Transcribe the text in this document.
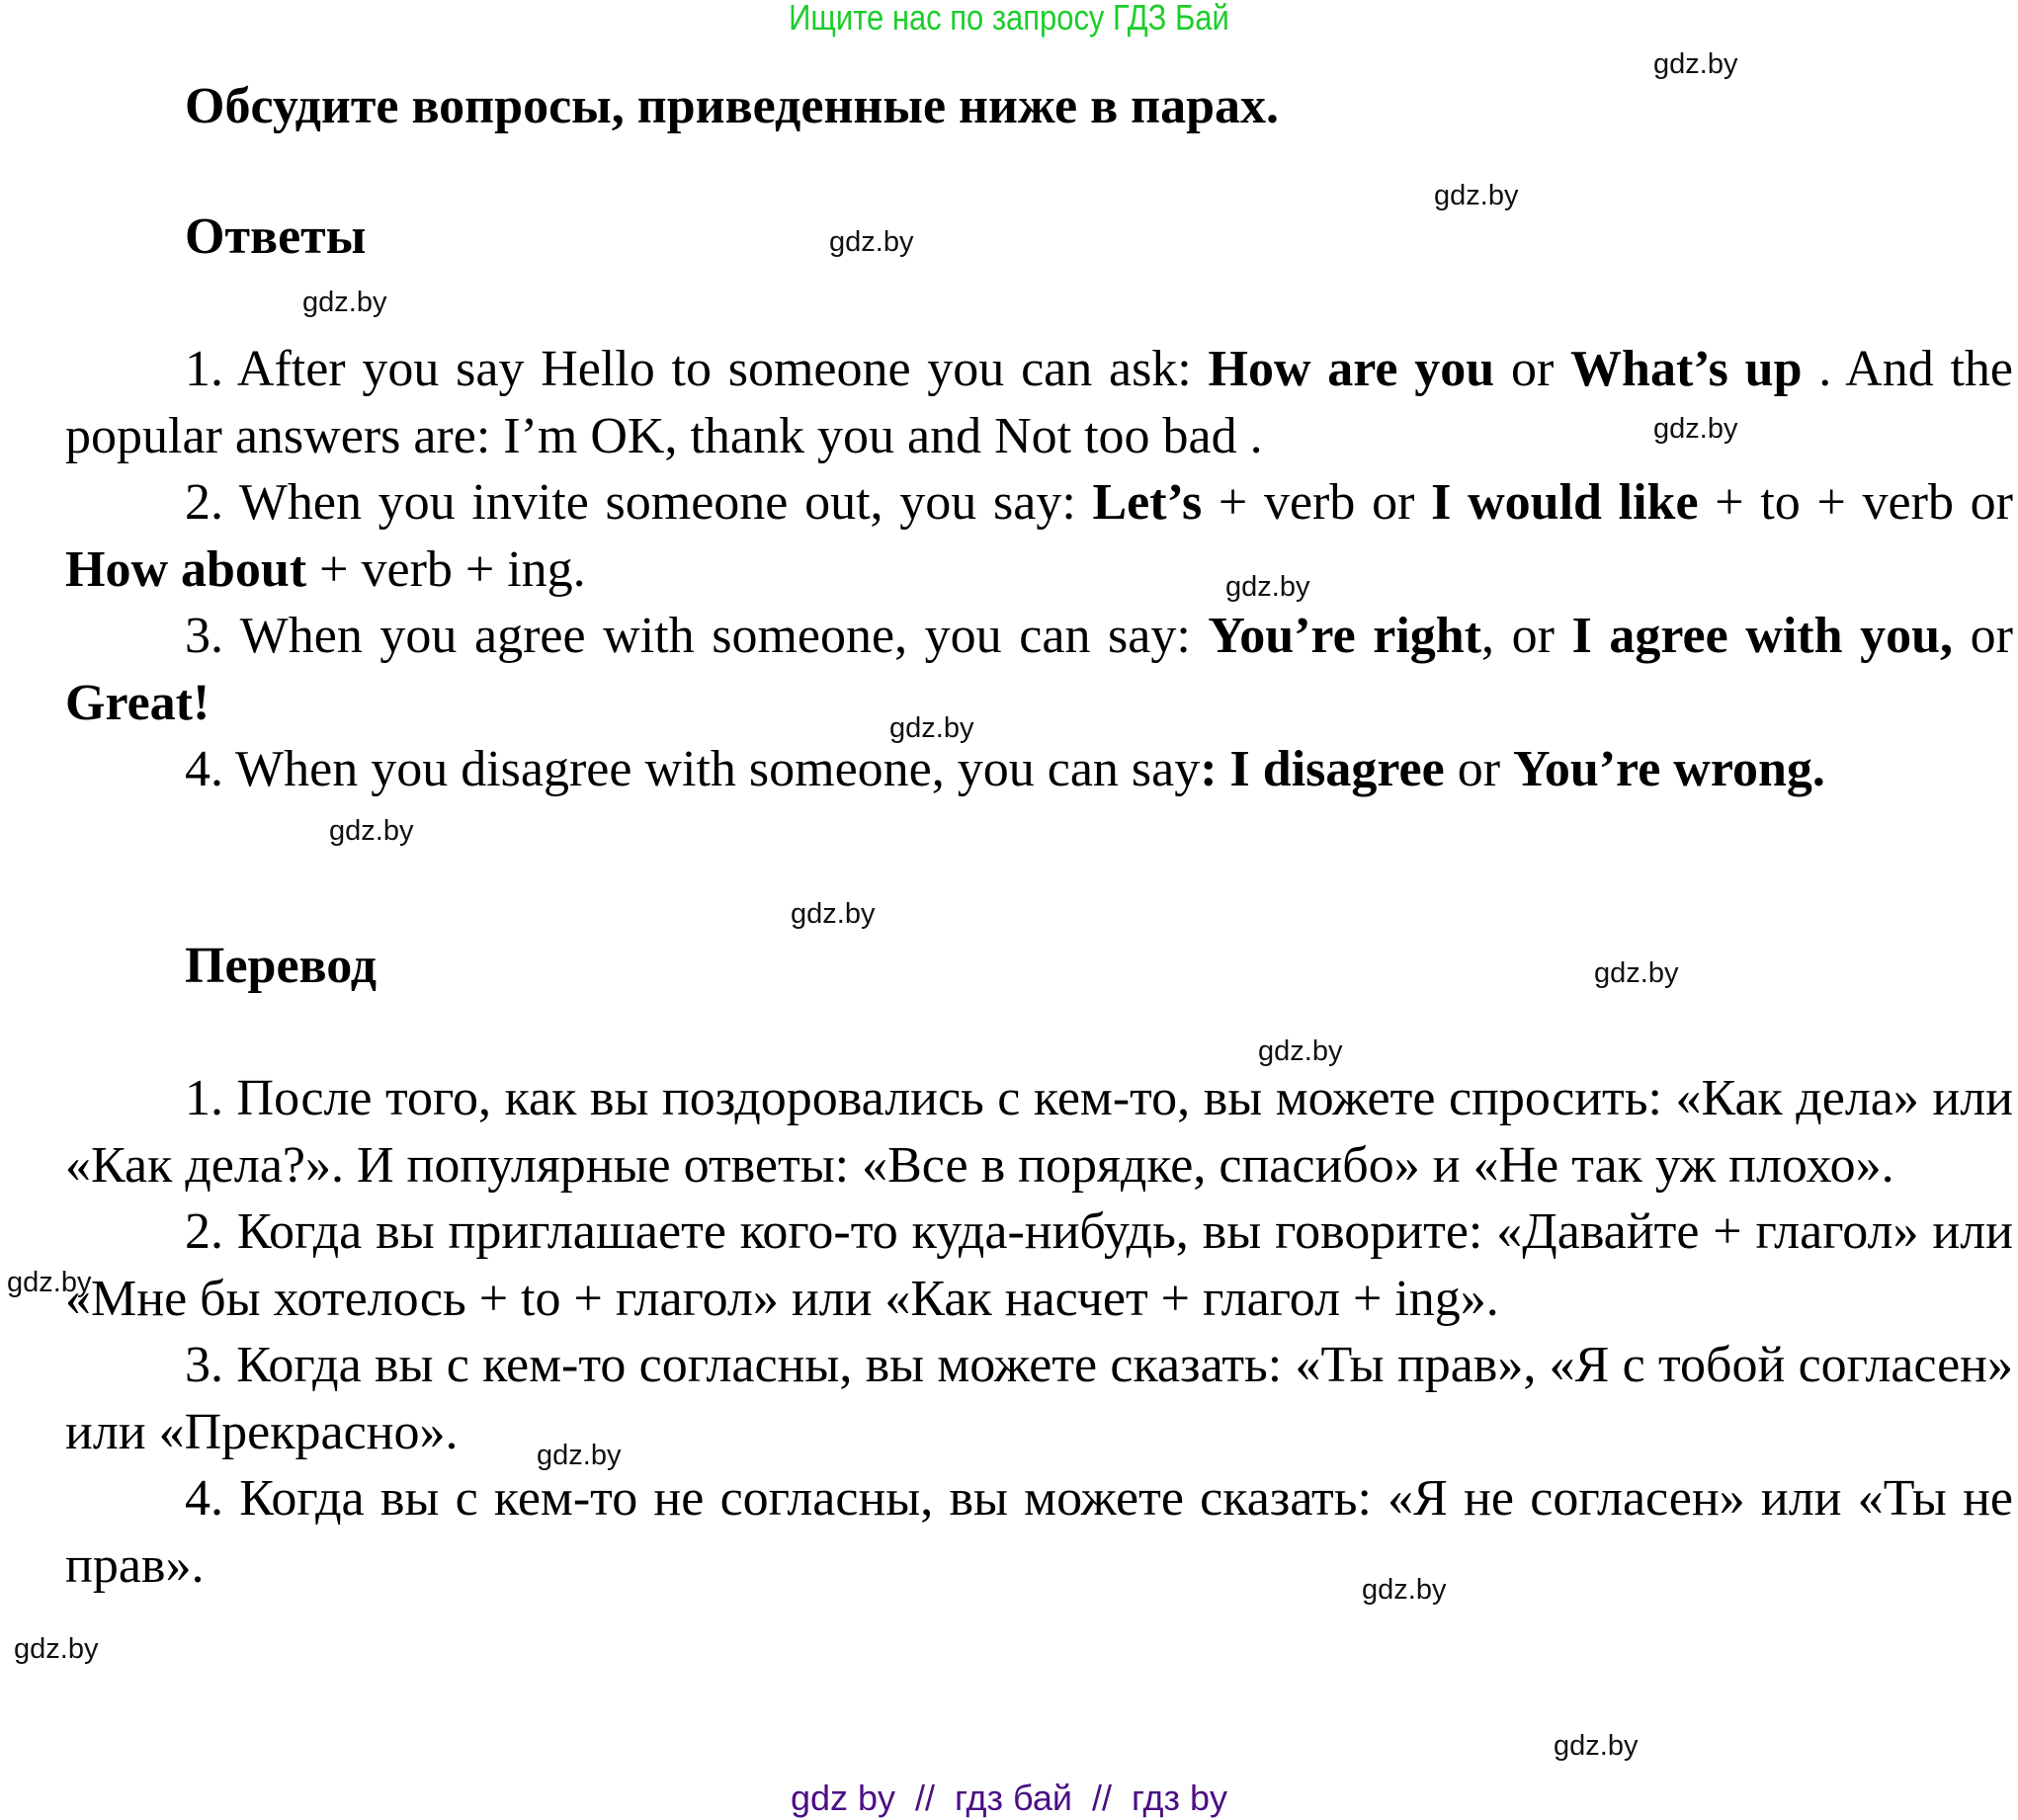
Ищите нас по запросу ГДЗ Бай
Обсудите вопросы, приведенные ниже в парах.
Ответы

1. After you say Hello to someone you can ask: How are you or What’s up . And the popular answers are: I’m OK, thank you and Not too bad .

2. When you invite someone out, you say: Let’s + verb or I would like + to + verb or How about + verb + ing.

3. When you agree with someone, you can say: You’re right, or I agree with you, or Great!

4. When you disagree with someone, you can say: I disagree or You’re wrong.

Перевод

1. После того, как вы поздоровались с кем-то, вы можете спросить: «Как дела» или «Как дела?». И популярные ответы: «Все в порядке, спасибо» и «Не так уж плохо».

2. Когда вы приглашаете кого-то куда-нибудь, вы говорите: «Давайте + глагол» или «Мне бы хотелось + to + глагол» или «Как насчет + глагол + ing».

3. Когда вы с кем-то согласны, вы можете сказать: «Ты прав», «Я с тобой согласен» или «Прекрасно».

4. Когда вы с кем-то не согласны, вы можете сказать: «Я не согласен» или «Ты не прав».

gdz.by
gdz.by
gdz.by
gdz.by
gdz.by
gdz.by
gdz.by
gdz.by
gdz.by
gdz.by
gdz.by
gdz.by
gdz.by
gdz.by
gdz.by
gdz.by
gdz by  //  гдз бай  //  гдз by
